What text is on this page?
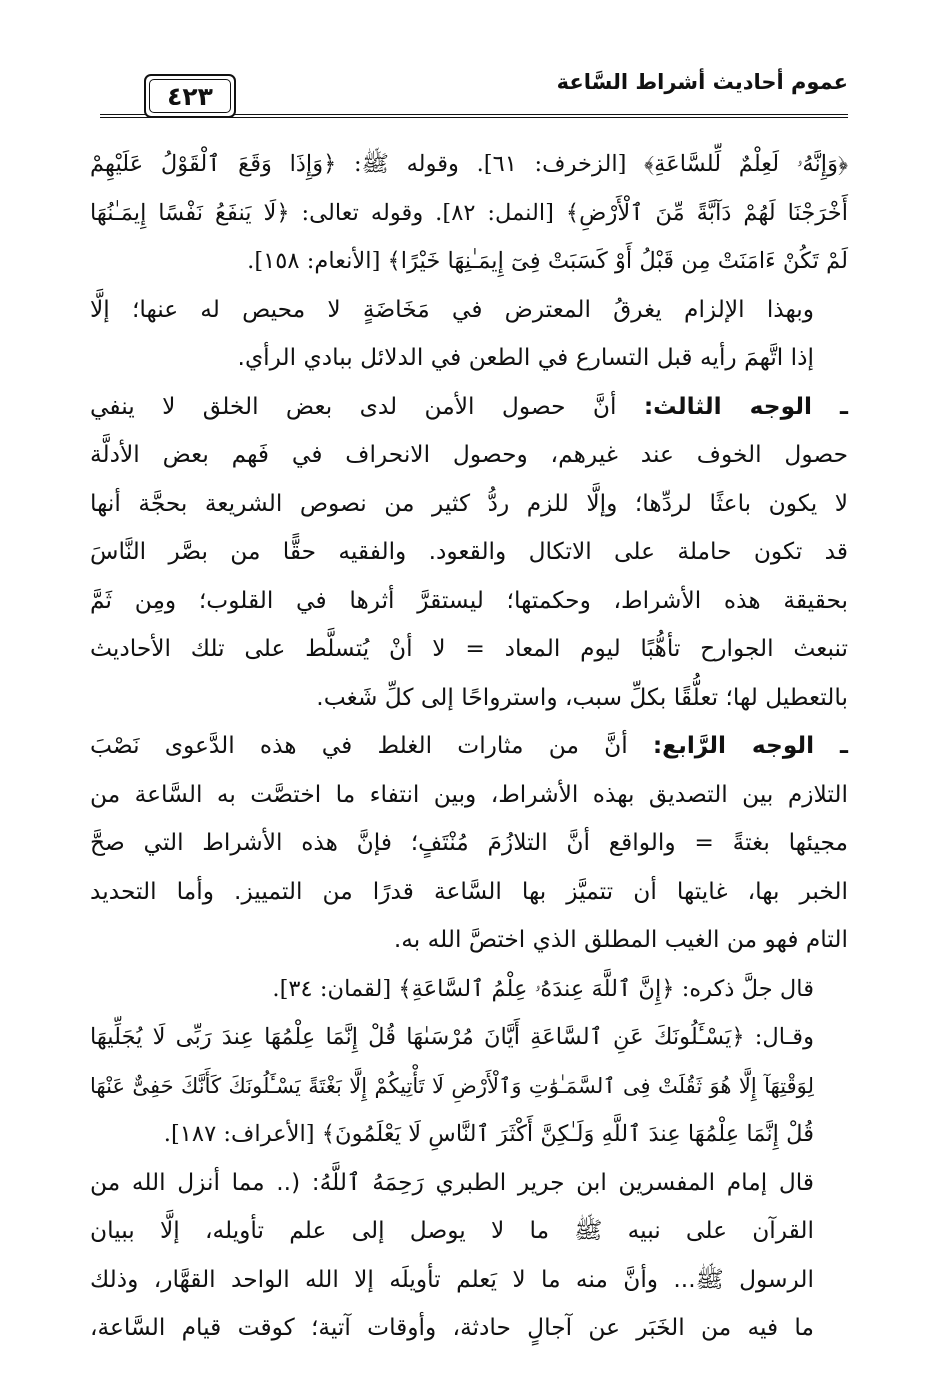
عموم أحاديث أشراط السَّاعة
٤٢٣

﴿وَإِنَّهُۥ لَعِلْمٌ لِّلسَّاعَةِ﴾ [الزخرف: ٦١]. وقوله ﷺ: ﴿وَإِذَا وَقَعَ ٱلْقَوْلُ عَلَيْهِمْ
أَخْرَجْنَا لَهُمْ دَآبَّةً مِّنَ ٱلْأَرْضِ﴾ [النمل: ٨٢]. وقوله تعالى: ﴿لَا يَنفَعُ نَفْسًا إِيمَـٰنُهَا
لَمْ تَكُنْ ءَامَنَتْ مِن قَبْلُ أَوْ كَسَبَتْ فِىٓ إِيمَـٰنِهَا خَيْرًا﴾ [الأنعام: ١٥٨].

وبهذا الإلزام يغرقُ المعترض في مَخَاضَةٍ لا محيص له عنها؛ إلَّا
إذا اتَّهمَ رأيه قبل التسارع في الطعن في الدلائل ببادي الرأي.

ـ الوجه الثالث: أنَّ حصول الأمن لدى بعض الخلق لا ينفي
حصول الخوف عند غيرهم، وحصول الانحراف في فَهم بعض الأدلَّة
لا يكون باعثًا لردِّها؛ وإلَّا للزم ردُّ كثير من نصوص الشريعة بحجَّة أنها
قد تكون حاملة على الاتكال والقعود. والفقيه حقًّا من بصَّر النَّاسَ
بحقيقة هذه الأشراط، وحكمتها؛ ليستقرَّ أثرها في القلوب؛ ومِن ثَمَّ
تنبعث الجوارح تأهُّبًا ليوم المعاد = لا أنْ يُتسلَّط على تلك الأحاديث
بالتعطيل لها؛ تعلُّقًا بكلِّ سبب، واسترواحًا إلى كلِّ شَغب.

ـ الوجه الرَّابع: أنَّ من مثارات الغلط في هذه الدَّعوى نَصْبَ
التلازم بين التصديق بهذه الأشراط، وبين انتفاء ما اختصَّت به السَّاعة من
مجيئها بغتةً = والواقع أنَّ التلازُمَ مُنْتَفٍ؛ فإنَّ هذه الأشراط التي صحَّ
الخبر بها، غايتها أن تتميَّز بها السَّاعة قدرًا من التمييز. وأما التحديد
التام فهو من الغيب المطلق الذي اختصَّ الله به.

قال جلَّ ذكره: ﴿إِنَّ ٱللَّهَ عِندَهُۥ عِلْمُ ٱلسَّاعَةِ﴾ [لقمان: ٣٤].

وقـال: ﴿يَسْـَٔلُونَكَ عَنِ ٱلسَّاعَةِ أَيَّانَ مُرْسَىٰهَا قُلْ إِنَّمَا عِلْمُهَا عِندَ رَبِّى لَا يُجَلِّيهَا
لِوَقْتِهَآ إِلَّا هُوَ ثَقُلَتْ فِى ٱلسَّمَـٰوَٰتِ وَٱلْأَرْضِ لَا تَأْتِيكُمْ إِلَّا بَغْتَةً يَسْـَٔلُونَكَ كَأَنَّكَ حَفِىٌّ عَنْهَا
قُلْ إِنَّمَا عِلْمُهَا عِندَ ٱللَّهِ وَلَـٰكِنَّ أَكْثَرَ ٱلنَّاسِ لَا يَعْلَمُونَ﴾ [الأعراف: ١٨٧].

قال إمام المفسرين ابن جرير الطبري رَحِمَهُ ٱللَّهُ: (.. مما أنزل الله من
القرآن على نبيه ﷺ ما لا يوصل إلى علم تأويله، إلَّا ببيان
الرسول ﷺ... وأنَّ منه ما لا يَعلم تأويلَه إلا الله الواحد القهَّار، وذلك
ما فيه من الخَبَر عن آجالٍ حادثة، وأوقات آتية؛ كوقت قيام السَّاعة،
